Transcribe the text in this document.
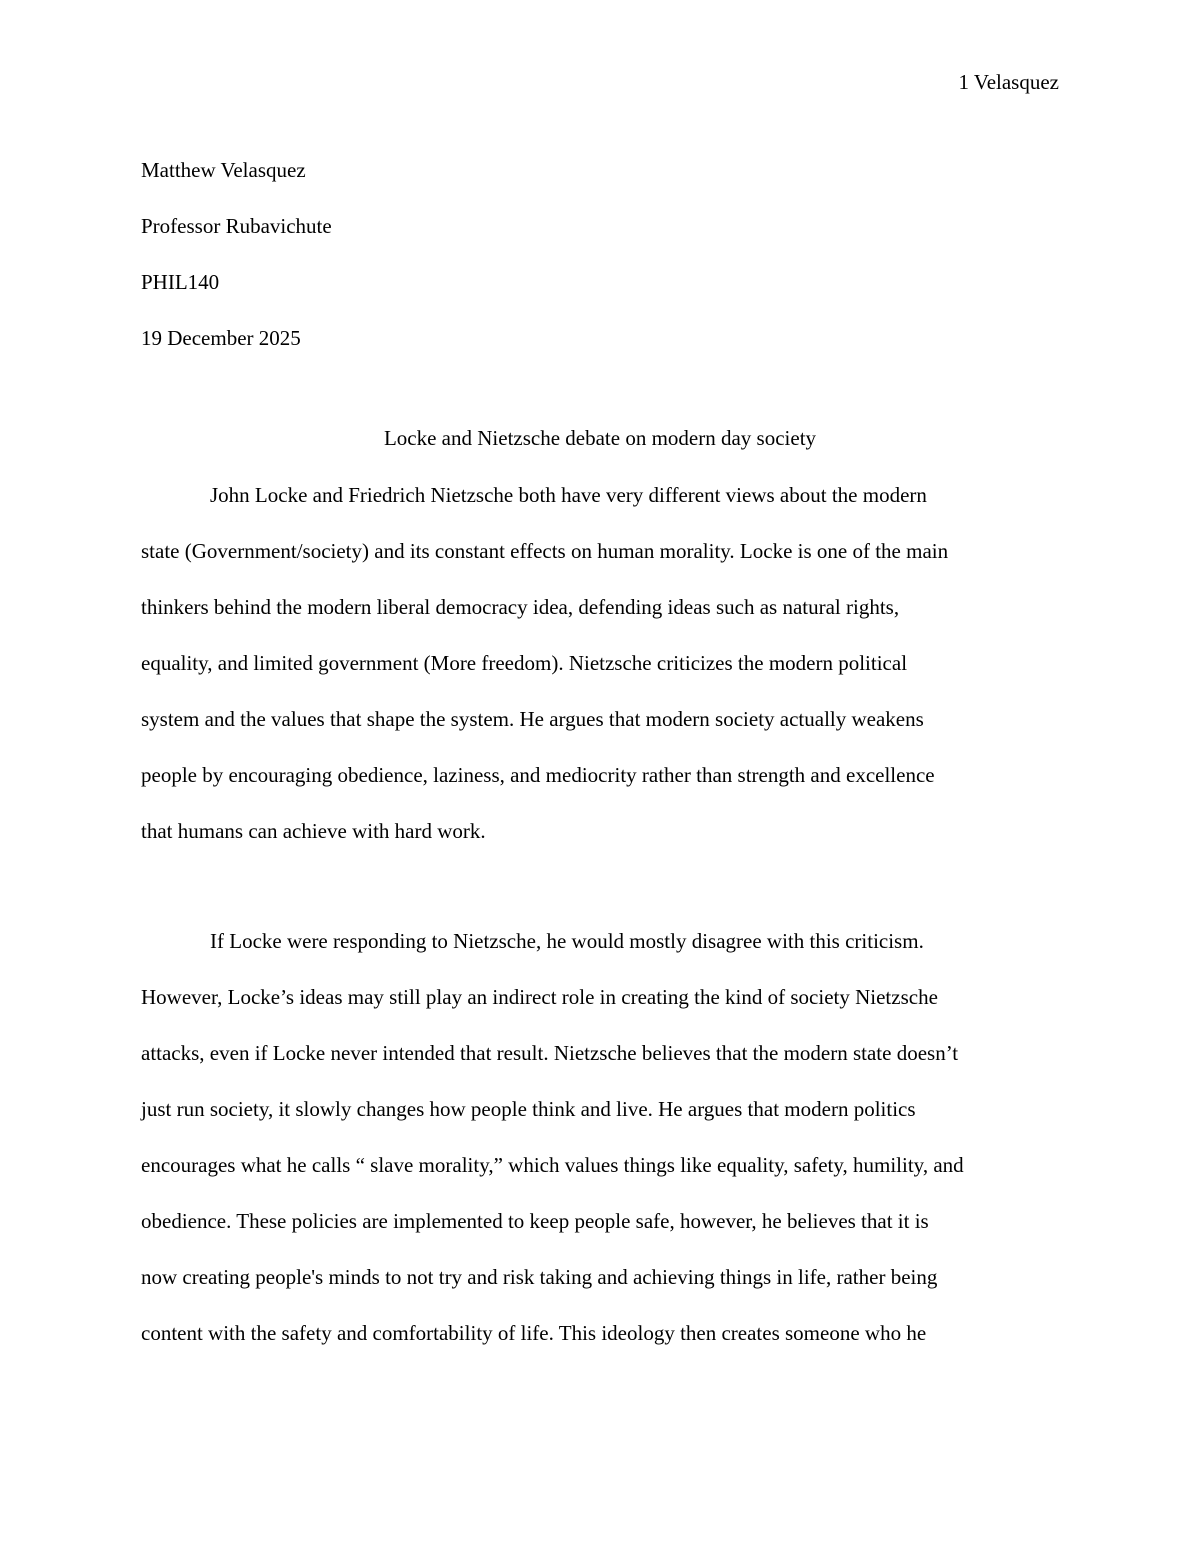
1 Velasquez
Matthew Velasquez
Professor Rubavichute
PHIL140
19 December 2025
Locke and Nietzsche debate on modern day society
John Locke and Friedrich Nietzsche both have very different views about the modern
state (Government/society) and its constant effects on human morality. Locke is one of the main
thinkers behind the modern liberal democracy idea, defending ideas such as natural rights,
equality, and limited government (More freedom). Nietzsche criticizes the modern political
system and the values that shape the system. He argues that modern society actually weakens
people by encouraging obedience, laziness, and mediocrity rather than strength and excellence
that humans can achieve with hard work.
If Locke were responding to Nietzsche, he would mostly disagree with this criticism.
However, Locke’s ideas may still play an indirect role in creating the kind of society Nietzsche
attacks, even if Locke never intended that result. Nietzsche believes that the modern state doesn’t
just run society, it slowly changes how people think and live. He argues that modern politics
encourages what he calls “ slave morality,” which values things like equality, safety, humility, and
obedience. These policies are implemented to keep people safe, however, he believes that it is
now creating people's minds to not try and risk taking and achieving things in life, rather being
content with the safety and comfortability of life. This ideology then creates someone who he
